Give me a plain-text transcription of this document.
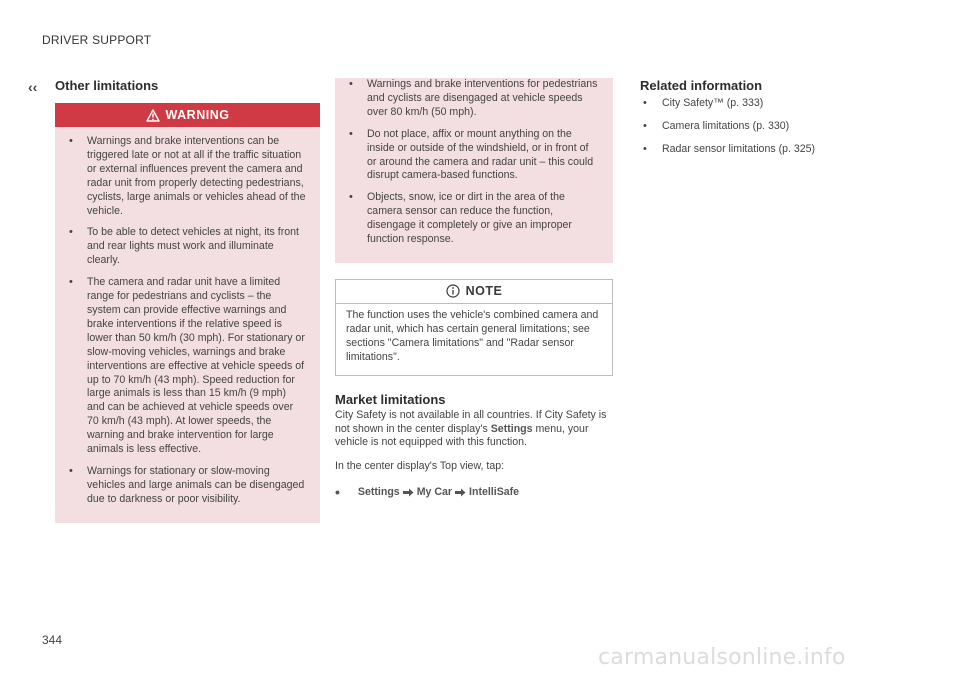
DRIVER SUPPORT
‹‹ Other limitations
WARNING
• Warnings and brake interventions can be triggered late or not at all if the traffic situation or external influences prevent the camera and radar unit from properly detecting pedestrians, cyclists, large animals or vehicles ahead of the vehicle.
• To be able to detect vehicles at night, its front and rear lights must work and illuminate clearly.
• The camera and radar unit have a limited range for pedestrians and cyclists – the system can provide effective warnings and brake interventions if the relative speed is lower than 50 km/h (30 mph). For stationary or slow-moving vehicles, warnings and brake interventions are effective at vehicle speeds of up to 70 km/h (43 mph). Speed reduction for large animals is less than 15 km/h (9 mph) and can be achieved at vehicle speeds over 70 km/h (43 mph). At lower speeds, the warning and brake intervention for large animals is less effective.
• Warnings for stationary or slow-moving vehicles and large animals can be disengaged due to darkness or poor visibility.
• Warnings and brake interventions for pedestrians and cyclists are disengaged at vehicle speeds over 80 km/h (50 mph).
• Do not place, affix or mount anything on the inside or outside of the windshield, or in front of or around the camera and radar unit – this could disrupt camera-based functions.
• Objects, snow, ice or dirt in the area of the camera sensor can reduce the function, disengage it completely or give an improper function response.
NOTE
The function uses the vehicle's combined camera and radar unit, which has certain general limitations; see sections "Camera limitations" and "Radar sensor limitations".
Market limitations
City Safety is not available in all countries. If City Safety is not shown in the center display's Settings menu, your vehicle is not equipped with this function.
In the center display's Top view, tap:
• Settings My Car IntelliSafe
Related information
• City Safety™ (p. 333)
• Camera limitations (p. 330)
• Radar sensor limitations (p. 325)
344
carmanualsonline.info
